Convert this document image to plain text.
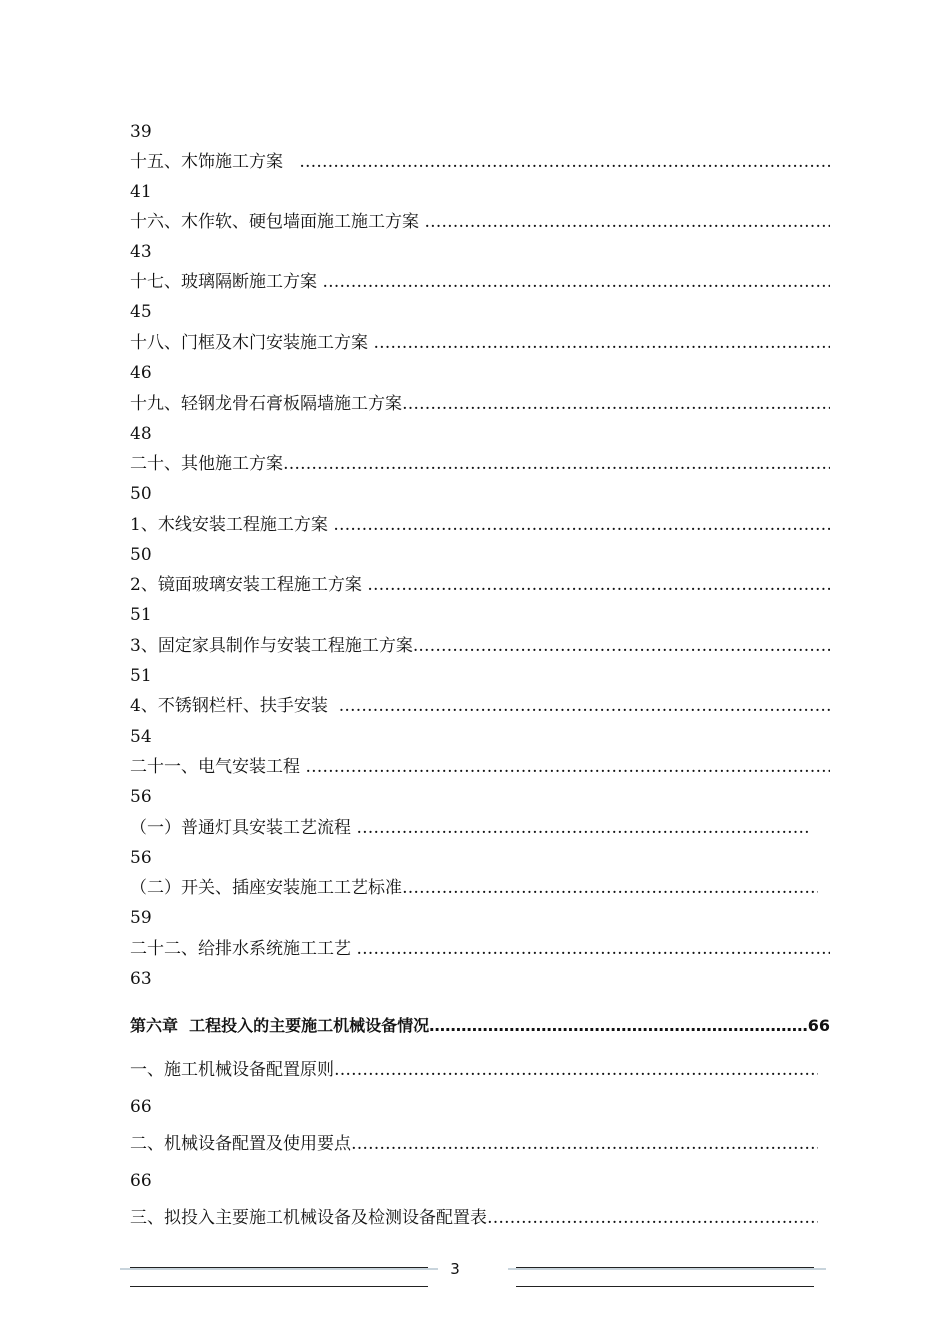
39

十五、木饰施工方案
…………………………………………………………………………………………………………………………………………………………………………………………………………

41

十六、木作软、硬包墙面施工施工方案
…………………………………………………………………………………………………………………………………………………………………………………………………………

43

十七、玻璃隔断施工方案
…………………………………………………………………………………………………………………………………………………………………………………………………………

45

十八、门框及木门安装施工方案
…………………………………………………………………………………………………………………………………………………………………………………………………………

46

十九、轻钢龙骨石膏板隔墙施工方案
…………………………………………………………………………………………………………………………………………………………………………………………………………

48

二十、其他施工方案
…………………………………………………………………………………………………………………………………………………………………………………………………………

50

1、木线安装工程施工方案
…………………………………………………………………………………………………………………………………………………………………………………………………………

50

2、镜面玻璃安装工程施工方案
…………………………………………………………………………………………………………………………………………………………………………………………………………

51

3、固定家具制作与安装工程施工方案.
…………………………………………………………………………………………………………………………………………………………………………………………………………

51

4、不锈钢栏杆、扶手安装
…………………………………………………………………………………………………………………………………………………………………………………………………………

54

二十一、电气安装工程
…………………………………………………………………………………………………………………………………………………………………………………………………………

56

（一）普通灯具安装工艺流程
…………………………………………………………………………………………………………………………………………………………………………………………………………

56

（二）开关、插座安装施工工艺标准
…………………………………………………………………………………………………………………………………………………………………………………………………………

59

二十二、给排水系统施工工艺
…………………………………………………………………………………………………………………………………………………………………………………………………………

63

第六章  工程投入的主要施工机械设备情况
…………………………………………………………………………………………………………………………………………………………………………………………………………	66

一、施工机械设备配置原则
…………………………………………………………………………………………………………………………………………………………………………………………………………

66

二、机械设备配置及使用要点
…………………………………………………………………………………………………………………………………………………………………………………………………………

66

三、拟投入主要施工机械设备及检测设备配置表
…………………………………………………………………………………………………………………………………………………………………………………………………………

3
